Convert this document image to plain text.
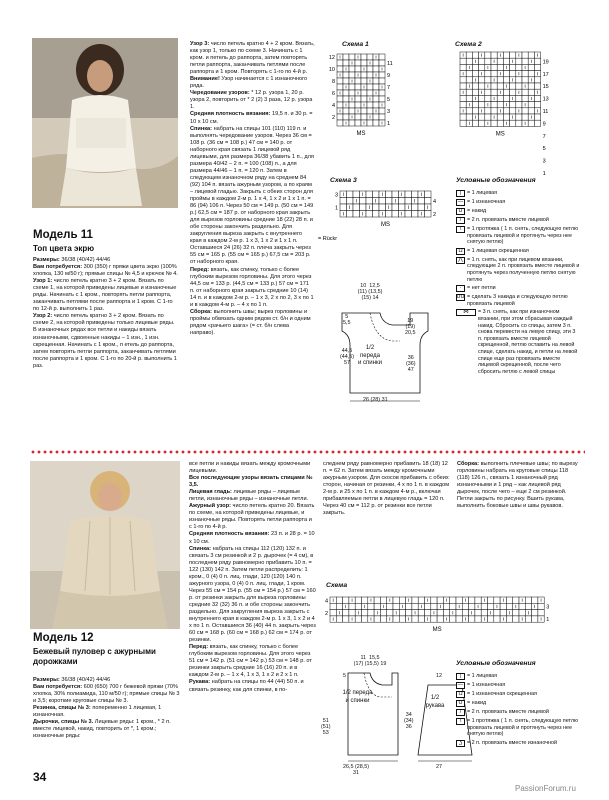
Модель 11
Топ цвета экрю

Размеры: 36/38 (40/42) 44/46

Вам потребуется: 300 (350) г пряжи цвета экрю (100% хлопка, 130 м/50 г); прямые спицы № 4,5 и крючок № 4.

Узор 1: число петель кратно 3 + 2 кром. Вязать по схеме 1, на которой приведены лицевые и изнаночные ряды. Начинать с 1 кром., повторять петли раппорта, заканчивать петлями после раппорта и 1 кром. С 1-го по 12-й р. выполнить 1 раз.

Узор 2: число петель кратно 3 + 2 кром. Вязать по схеме 2, на которой приведены только лицевые ряды. В изнаночных рядах все петли и накиды вязать изнаночными, сдвоенные накиды – 1 изн., 1 изн. скрещенная. Начинать с 1 кром., п етель до раппорта, затем повторять петли раппорта, заканчивать петлями после раппорта и 1 кром. С 1-го по 20-й р. выполнить 1 раз.

Узор 3: число петель кратно 4 + 2 кром. Вязать, как узор 1, только по схеме 3. Начинать с 1 кром. и петель до раппорта, затем повторять петли раппорта, заканчивать петлями после раппорта и 1 кром. Повторять с 1-го по 4-й р. Внимание! Узор начинается с 1 изнаночного ряда.

Чередование узоров: * 12 р. узора 1, 20 р. узора 2, повторить от * 2 (2) 3 раза, 12 р. узора 1.

Средняя плотность вязания: 19,5 п. и 30 р. = 10 х 10 см.

Спинка: набрать на спицы 101 (110) 119 п. и выполнять чередование узоров. Через 36 см = 108 р. (36 см = 108 р.) 47 см = 140 р. от наборного края связать 1 лицевой ряд лицевыми, для размера 36/38 убавить 1 п., для размера 40/42 – 2 п. = 100 (108) п., а для размера 44/46 – 1 п. = 120 п. Затем в следующем изнаночном ряду на среднем 84 (92) 104 п. вязать ажурным узором, а по краям – лицевой гладью. Закрыть с обеих сторон для проймы в каждом 2-м р. 1 х 4, 1 х 2 и 1 х 1 п. = 86 (94) 106 п. Через 50 см = 149 р. (50 см = 149 р.) 62,5 см = 187 р. от наборного края закрыть для вырезов горловины средние 18 (22) 28 п. и обе стороны закончить раздельно. Для закругления выреза закрыть с внутреннего края в каждом 2-м р. 1 х 3, 1 х 2 и 1 х 1 п. Оставшиеся 24 (26) 32 п. плеча закрыть через 55 см = 165 р. (55 см = 165 р.) 67,5 см = 203 р. от наборного края.

Перед: вязать, как спинку, только с более глубоким вырезом горловины. Для этого через 44,5 см = 133 р. (44,5 см = 133 р.) 57 см = 171 п. от наборного края закрыть средние 10 (14) 14 п. и в каждом 2-м р. – 1 х 3, 2 х по 2, 3 х по 1 и в каждом 4-м р. – 4 х по 1 п.

Сборка: выполнить швы; вырез горловины и проймы обвязать одним рядом ст. б/н и одним рядом «рачьего шага» (= ст. б/н слева направо).

Схема 1
12
10
8
6
4
2
11
9
7
5
3
1
MS
Схема 2
19
17
15
13
11
9
7
5
3
1
MS
Схема 3
3
1
4
2
MS
= Rückr
1/2
переда
и спинки
10 12,5
(11) (13,5)
(15) 14
5
5,5	19
(19)
20,5
36
(36)
47
44,5
(44,5)
57
26 (28) 31
Условные обозначения
|	= 1 лицевая
— = 1 изнаночная
U = накид
/	= 2 п. провязать вместе лицевой
\	= 1 протяжка ( 1 п. снять, следующую петлю провязать лицевой и протянуть через нее снятую петлю)
Ω = 1 лицевая скрещенная
⋀ = 1 п. снять, как при лицевом вязании, следующие 2 п. провязать вместе лицевой и протянуть через полученную петлю снятую петлю
·	= нет петли
UU = сделать 3 накида и следующую петлю провязать лицевой
⋈	= 3 п. снять, как при изнаночном вязании, при этом сбрасывая каждый накид. Сбросить со спицы, затем 3 п. снова перевести на левую спицу, эти 3 п. провязать вместе лицевой скрещенной, петлю оставить на левой спице, сделать накид, и петли на левой спице еще раз провязать вместе лицевой скрещенной, после чего сбросить петлю с левой спицы
Модель 12
Бежевый пуловер с ажурными дорожками

Размеры: 36/38 (40/42) 44/46

Вам потребуется: 600 (650) 700 г бежевой пряжи (70% хлопка, 30% полиамида, 110 м/50 г); прямые спицы № 3 и 3,5; короткие круговые спицы № 3.

Резинка, спицы № 3: попеременно 1 лицевая, 1 изнаночная.

Дырочки, спицы № 3. Лицевые ряды: 1 кром., * 2 п. вместе лицевой, накид, повторить от *, 1 кром.; изнаночные ряды:

все петли и накиды вязать между кромочными лицевыми.

Все последующие узоры вязать спицами № 3,5.

Лицевая гладь: лицевые ряды – лицевые петли, изнаночные ряды – изнаночные петли.

Ажурный узор: число петель кратно 20. Вязать по схеме, на которой приведены лицевые, и изнаночные ряды. Повторять петли раппорта и с 1-го по 4-й р.

Средняя плотность вязания: 23 п. и 28 р. = 10 х 10 см.

Спинка: набрать на спицы 112 (120) 132 п. и связать 3 см резинкой и 2 р. дырочек (= 4 см), в последнем ряду равномерно прибавить 10 п. = 122 (130) 142 п. Затем петли распределить: 1 кром., 0 (4) 0 п. лиц. глади, 120 (120) 140 п. ажурного узора, 0 (4) 0 п. лиц. глади, 1 кром. Через 55 см = 154 р. (55 см = 154 р.) 57 см = 160 р. от резинки закрыть для выреза горловины средние 32 (32) 36 п. и обе стороны закончить раздельно. Для закругления выреза закрыть с внутреннего края в каждом 2-м р. 1 х 3, 1 х 2 и 4 х по 1 п. Оставшиеся 36 (40) 44 п. закрыть через 60 см = 168 р. (60 см = 168 р.) 62 см = 174 р. от резинки.

Перед: вязать, как спинку, только с более глубоким вырезом горловины. Для этого через 51 см = 142 р. (51 см = 142 р.) 53 см = 148 р. от резинки закрыть средние 16 (16) 20 п. и в каждом 2-м р. – 1 х 4, 1 х 3, 1 х 2 и 2 х 1 п.

Рукава: набрать на спицы по 44 (44) 50 п. и связать резинку, как для спинки, в по-

следнем ряду равномерно прибавить 18 (18) 12 п. = 62 п. Затем вязать между кромочными ажурным узором. Для скосов прибавить с обеих сторон, начиная от резинки, 4 х по 1 п. в каждом 2-м р. и 25 х по 1 п. в каждом 4-м р., включая прибавляемые петли в лицевую гладь = 120 п. Через 40 см = 112 р. от резинки все петли закрыть.

Сборка: выполнить плечевые швы; по вырезу горловины набрать на круговые спицы 118 (118) 126 п., связать 1 изнаночный ряд изнаночными и 1 ряд – как лицевой ряд дырочек, после чего – еще 2 см резинкой. Петли закрыть по рисунку. Вшить рукава, выполнить боковые швы и швы рукавов.

Схема
4
2
3
1
MS
1/2 переда
и спинки	1/2
рукава
11 15,5
(17) (15,5) 19
5
51
(51)
53
34
(34)
36
26,5 (28,5)
31
12
27
Условные обозначения
|	= 1 лицевая
— = 1 изнаночная
Ω = 1 изнаночная скрещенная
U = накид
/	= 2 п. провязать вместе лицевой
\	= 1 протяжка ( 1 п. снять, следующую петлю провязать лицевой и протянуть через нее снятую петлю)
Ʒ = 2 п. провязать вместе изнаночной
34
PassionForum.ru
